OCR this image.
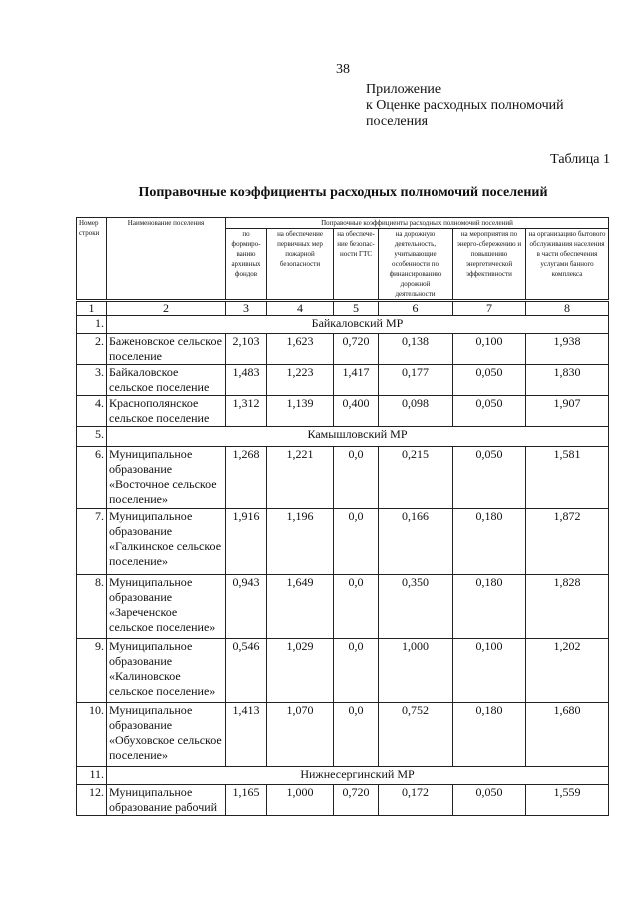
38
Приложение
к Оценке расходных полномочий
поселения
Таблица 1
Поправочные коэффициенты расходных полномочий поселений
Номер строки	Наименование поселения	Поправочные коэффициенты расходных полномочий поселений					
		по формиро-ванию архивных фондов	на обеспечение первичных мер пожарной безопасности	на обеспече-ние безопас-ности ГТС	на дорожную деятельность, учитывающие особенности по финансированию дорожной деятельности	на мероприятия по энерго-сбережению и повышению энергетической эффективности	на организацию бытового обслуживания населения в части обеспечения услугами банного комплекса
1	2	3	4	5	6	7	8
1.	Байкаловский МР						
2.	Баженовское сельское поселение	2,103	1,623	0,720	0,138	0,100	1,938
3.	Байкаловское сельское поселение	1,483	1,223	1,417	0,177	0,050	1,830
4.	Краснополянское сельское поселение	1,312	1,139	0,400	0,098	0,050	1,907
5.	Камышловский МР						
6.	Муниципальное образование «Восточное сельское поселение»	1,268	1,221	0,0	0,215	0,050	1,581
7.	Муниципальное образование «Галкинское сельское поселение»	1,916	1,196	0,0	0,166	0,180	1,872
8.	Муниципальное образование «Зареченское сельское поселение»	0,943	1,649	0,0	0,350	0,180	1,828
9.	Муниципальное образование «Калиновское сельское поселение»	0,546	1,029	0,0	1,000	0,100	1,202
10.	Муниципальное образование «Обуховское сельское поселение»	1,413	1,070	0,0	0,752	0,180	1,680
11.	Нижнесергинский МР						
12.	Муниципальное образование рабочий	1,165	1,000	0,720	0,172	0,050	1,559
